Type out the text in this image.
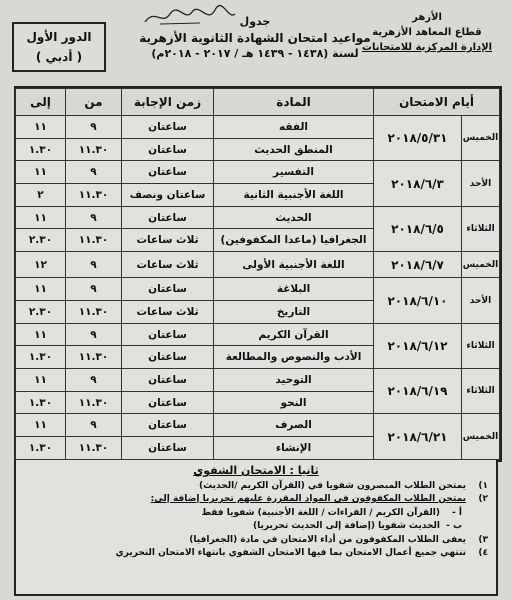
الأزهر
قطاع المعاهد الأزهرية
الإدارة المركزية للامتحانات
جدول
مواعيد امتحان الشهادة الثانوية الأزهرية
لسنة (١٤٣٨ - ١٤٣٩ هـ / ٢٠١٧ - ٢٠١٨م)
الدور الأول
( أدبي )
أيام الامتحان		المادة	زمن الإجابة	من	إلى
الخميس	٢٠١٨/٥/٣١	الفقه	ساعتان	٩	١١
		المنطق الحديث	ساعتان	١١.٣٠	١.٣٠
الأحد	٢٠١٨/٦/٣	التفسير	ساعتان	٩	١١
		اللغة الأجنبية الثانية	ساعتان ونصف	١١.٣٠	٢
الثلاثاء	٢٠١٨/٦/٥	الحديث	ساعتان	٩	١١
		الجغرافيا (ماعدا المكفوفين)	ثلاث ساعات	١١.٣٠	٢.٣٠
الخميس	٢٠١٨/٦/٧	اللغة الأجنبية الأولى	ثلاث ساعات	٩	١٢
الأحد	٢٠١٨/٦/١٠	البلاغة	ساعتان	٩	١١
		التاريخ	ثلاث ساعات	١١.٣٠	٢.٣٠
الثلاثاء	٢٠١٨/٦/١٢	القرآن الكريم	ساعتان	٩	١١
		الأدب والنصوص والمطالعة	ساعتان	١١.٣٠	١.٣٠
الثلاثاء	٢٠١٨/٦/١٩	التوحيد	ساعتان	٩	١١
		النحو	ساعتان	١١.٣٠	١.٣٠
الخميس	٢٠١٨/٦/٢١	الصرف	ساعتان	٩	١١
		الإنشاء	ساعتان	١١.٣٠	١.٣٠
ثانيا : الامتحان الشفوي
١)
يمتحن الطلاب المبصرون شفويا في (القرآن الكريم /الحديث)
٢)
يمتحن الطلاب المكفوفون في المواد المقررة عليهم تحريريا إضافة إلى:
أ -
(القرآن الكريم / القراءات / اللغة الأجنبية) شفويا فقط
ب -
الحديث شفويا (إضافة إلى الحديث تحريريا)
٣)
يعفى الطلاب المكفوفون من أداء الامتحان في مادة (الجغرافيا)
٤)
تنتهي جميع أعمال الامتحان بما فيها الامتحان الشفوي بانتهاء الامتحان التحريري
